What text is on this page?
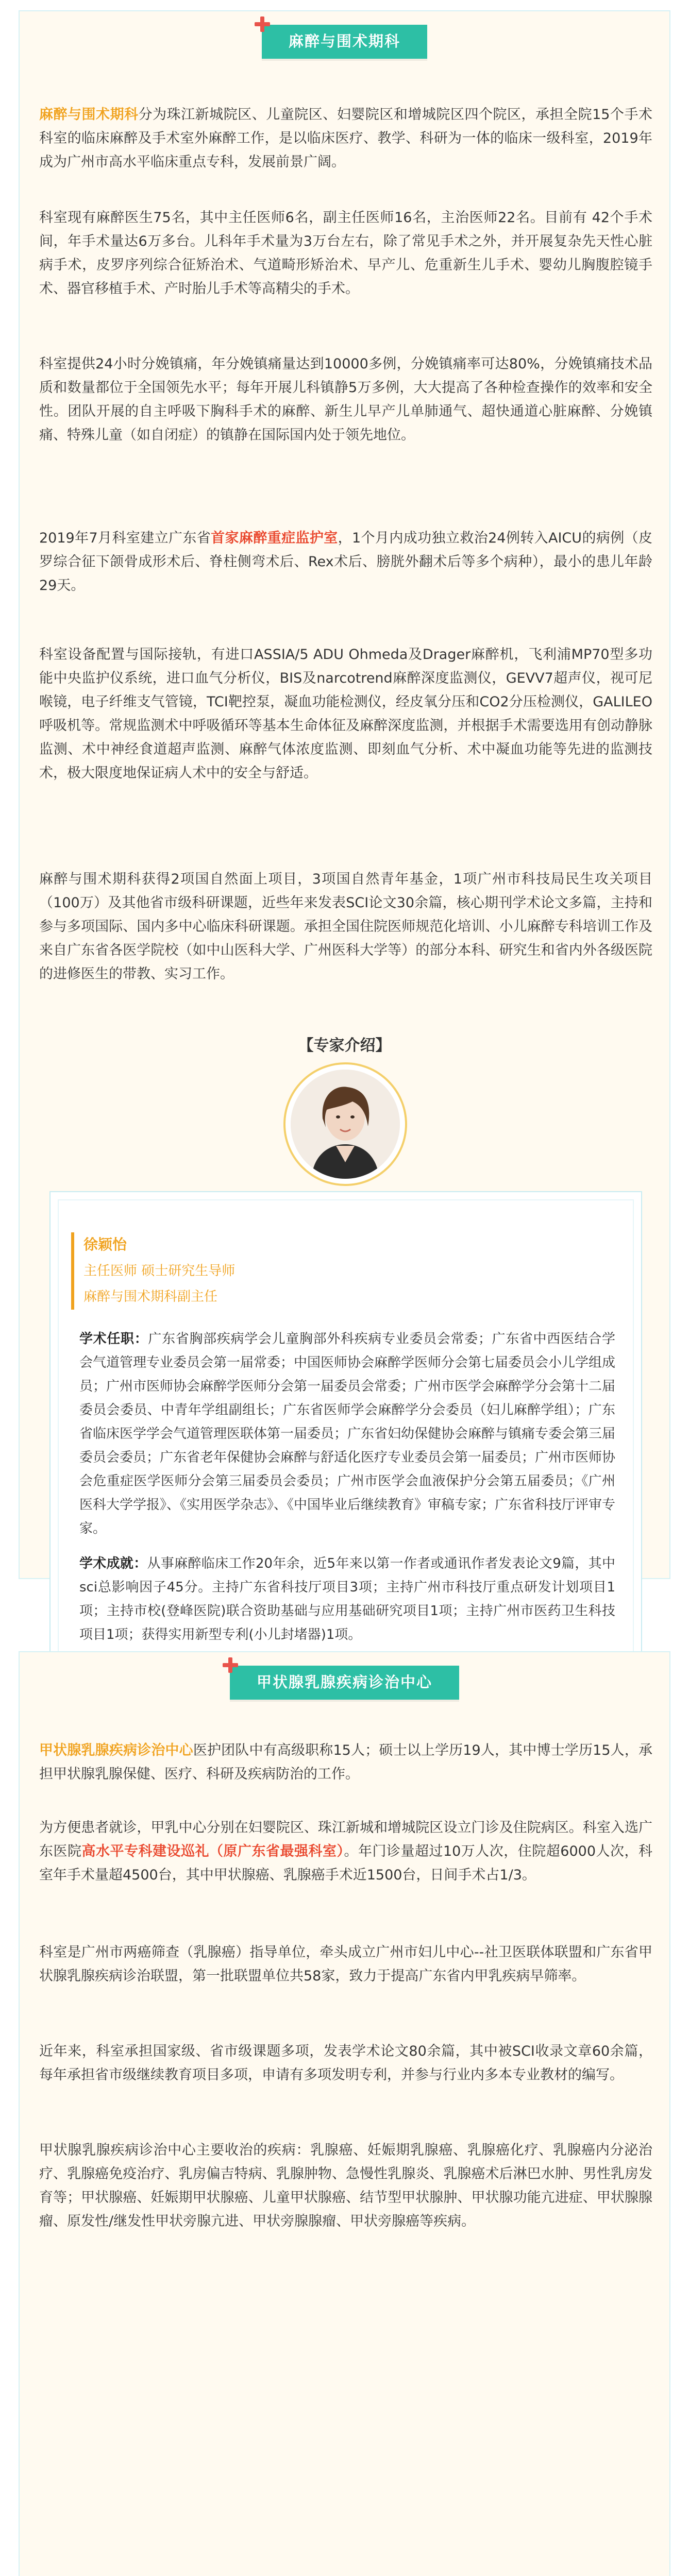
麻醉与围术期科

麻醉与围术期科分为珠江新城院区、儿童院区、妇婴院区和增城院区四个院区，承担全院15个手术科室的临床麻醉及手术室外麻醉工作，是以临床医疗、教学、科研为一体的临床一级科室，2019年成为广州市高水平临床重点专科，发展前景广阔。

科室现有麻醉医生75名，其中主任医师6名，副主任医师16名，主治医师22名。目前有 42个手术间，年手术量达6万多台。儿科年手术量为3万台左右，除了常见手术之外，并开展复杂先天性心脏病手术，皮罗序列综合征矫治术、气道畸形矫治术、早产儿、危重新生儿手术、婴幼儿胸腹腔镜手术、器官移植手术、产时胎儿手术等高精尖的手术。

科室提供24小时分娩镇痛，年分娩镇痛量达到10000多例，分娩镇痛率可达80%，分娩镇痛技术品质和数量都位于全国领先水平；每年开展儿科镇静5万多例，大大提高了各种检查操作的效率和安全性。团队开展的自主呼吸下胸科手术的麻醉、新生儿早产儿单肺通气、超快通道心脏麻醉、分娩镇痛、特殊儿童（如自闭症）的镇静在国际国内处于领先地位。

2019年7月科室建立广东省首家麻醉重症监护室，1个月内成功独立救治24例转入AICU的病例（皮罗综合征下颌骨成形术后、脊柱侧弯术后、Rex术后、膀胱外翻术后等多个病种），最小的患儿年龄29天。

科室设备配置与国际接轨，有进口ASSIA/5 ADU Ohmeda及Drager麻醉机，飞利浦MP70型多功能中央监护仪系统，进口血气分析仪，BIS及narcotrend麻醉深度监测仪，GEVV7超声仪，视可尼喉镜，电子纤维支气管镜，TCI靶控泵，凝血功能检测仪，经皮氧分压和CO2分压检测仪，GALILEO呼吸机等。常规监测术中呼吸循环等基本生命体征及麻醉深度监测，并根据手术需要选用有创动静脉监测、术中神经食道超声监测、麻醉气体浓度监测、即刻血气分析、术中凝血功能等先进的监测技术，极大限度地保证病人术中的安全与舒适。

麻醉与围术期科获得2项国自然面上项目，3项国自然青年基金，1项广州市科技局民生攻关项目（100万）及其他省市级科研课题，近些年来发表SCI论文30余篇，核心期刊学术论文多篇，主持和参与多项国际、国内多中心临床科研课题。承担全国住院医师规范化培训、小儿麻醉专科培训工作及来自广东省各医学院校（如中山医科大学、广州医科大学等）的部分本科、研究生和省内外各级医院的进修医生的带教、实习工作。

【专家介绍】
徐颖怡
主任医师 硕士研究生导师
麻醉与围术期科副主任

学术任职：广东省胸部疾病学会儿童胸部外科疾病专业委员会常委；广东省中西医结合学会气道管理专业委员会第一届常委；中国医师协会麻醉学医师分会第七届委员会小儿学组成员；广州市医师协会麻醉学医师分会第一届委员会常委；广州市医学会麻醉学分会第十二届委员会委员、中青年学组副组长；广东省医师学会麻醉学分会委员（妇儿麻醉学组）；广东省临床医学学会气道管理医联体第一届委员；广东省妇幼保健协会麻醉与镇痛专委会第三届委员会委员；广东省老年保健协会麻醉与舒适化医疗专业委员会第一届委员；广州市医师协会危重症医学医师分会第三届委员会委员；广州市医学会血液保护分会第五届委员；《广州医科大学学报》、《实用医学杂志》、《中国毕业后继续教育》审稿专家；广东省科技厅评审专家。

学术成就：从事麻醉临床工作20年余，近5年来以第一作者或通讯作者发表论文9篇，其中sci总影响因子45分。主持广东省科技厅项目3项；主持广州市科技厅重点研发计划项目1项；主持市校(登峰医院)联合资助基础与应用基础研究项目1项；主持广州市医药卫生科技项目1项；获得实用新型专利(小儿封堵器)1项。

甲状腺乳腺疾病诊治中心

甲状腺乳腺疾病诊治中心医护团队中有高级职称15人；硕士以上学历19人，其中博士学历15人，承担甲状腺乳腺保健、医疗、科研及疾病防治的工作。

为方便患者就诊，甲乳中心分别在妇婴院区、珠江新城和增城院区设立门诊及住院病区。科室入选广东医院高水平专科建设巡礼（原广东省最强科室）。年门诊量超过10万人次，住院超6000人次，科室年手术量超4500台，其中甲状腺癌、乳腺癌手术近1500台，日间手术占1/3。

科室是广州市两癌筛查（乳腺癌）指导单位，牵头成立广州市妇儿中心--社卫医联体联盟和广东省甲状腺乳腺疾病诊治联盟，第一批联盟单位共58家，致力于提高广东省内甲乳疾病早筛率。

近年来，科室承担国家级、省市级课题多项，发表学术论文80余篇，其中被SCI收录文章60余篇，每年承担省市级继续教育项目多项，申请有多项发明专利，并参与行业内多本专业教材的编写。

甲状腺乳腺疾病诊治中心主要收治的疾病：乳腺癌、妊娠期乳腺癌、乳腺癌化疗、乳腺癌内分泌治疗、乳腺癌免疫治疗、乳房偏吉特病、乳腺肿物、急慢性乳腺炎、乳腺癌术后淋巴水肿、男性乳房发育等；甲状腺癌、妊娠期甲状腺癌、儿童甲状腺癌、结节型甲状腺肿、甲状腺功能亢进症、甲状腺腺瘤、原发性/继发性甲状旁腺亢进、甲状旁腺腺瘤、甲状旁腺癌等疾病。
